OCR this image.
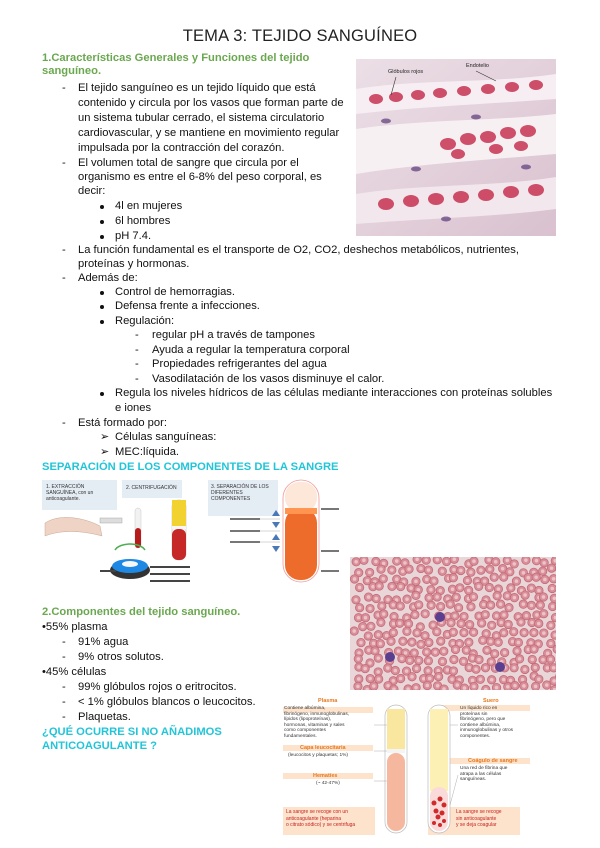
TEMA 3: TEJIDO SANGUÍNEO
1.Características Generales y Funciones del tejido
sanguíneo.
- El tejido sanguíneo es un tejido líquido que está
contenido y circula por los vasos que forman parte de
un sistema tubular cerrado, el sistema circulatorio
cardiovascular, y se mantiene en movimiento regular
impulsada por la contracción del corazón.
- El volumen total de sangre que circula por el
organismo es entre el 6-8% del peso corporal, es
decir:
4l en mujeres
6l hombres
pH 7.4.
- La función fundamental es el transporte de O2, CO2, deshechos metabólicos, nutrientes,
proteínas y hormonas.
- Además de:
Control de hemorragias.
Defensa frente a infecciones.
Regulación:
- regular pH a través de tampones
- Ayuda a regular la temperatura corporal
- Propiedades refrigerantes del agua
- Vasodilatación de los vasos disminuye el calor.
Regula los niveles hídricos de las células mediante interacciones con proteínas solubles
e iones
- Está formado por:
➢ Células sanguíneas:
➢ MEC:líquida.
Glóbulos rojos
Endotelio
SEPARACIÓN DE LOS COMPONENTES DE LA SANGRE
1. EXTRACCIÓN SANGUÍNEA, con un anticoagulante.
2. CENTRIFUGACIÓN	3. SEPARACIÓN DE LOS DIFERENTES COMPONENTES
2.Componentes del tejido sanguíneo.
•55% plasma
- 91% agua
- 9% otros solutos.
•45% células
- 99% glóbulos rojos o eritrocitos.
- < 1% glóbulos blancos o leucocitos.
- Plaquetas.
¿QUÉ OCURRE SI NO AÑADIMOS
ANTICOAGULANTE ?
Plasma
Contiene albúmina,
fibrinógeno, inmunoglobulinas,
lípidos (lipoproteínas),
hormonas, vitaminas y sales
como componentes
fundamentales.
Capa leucocitaria
(leucocitos y plaquetas; 1%)
Hematíes
(~ 42-47%)
La sangre se recoge con un
anticoagulante (heparina
o citrato sódico) y se centrifuga
Suero
Un líquido rico en
proteínas sin
fibrinógeno, pero que
contiene albúmina,
inmunoglobulinas y otros
componentes.
Coágulo de sangre
Una red de fibrina que
atrapa a las células
sanguíneas.
La sangre se recoge
sin anticoagulante
y se deja coagular
